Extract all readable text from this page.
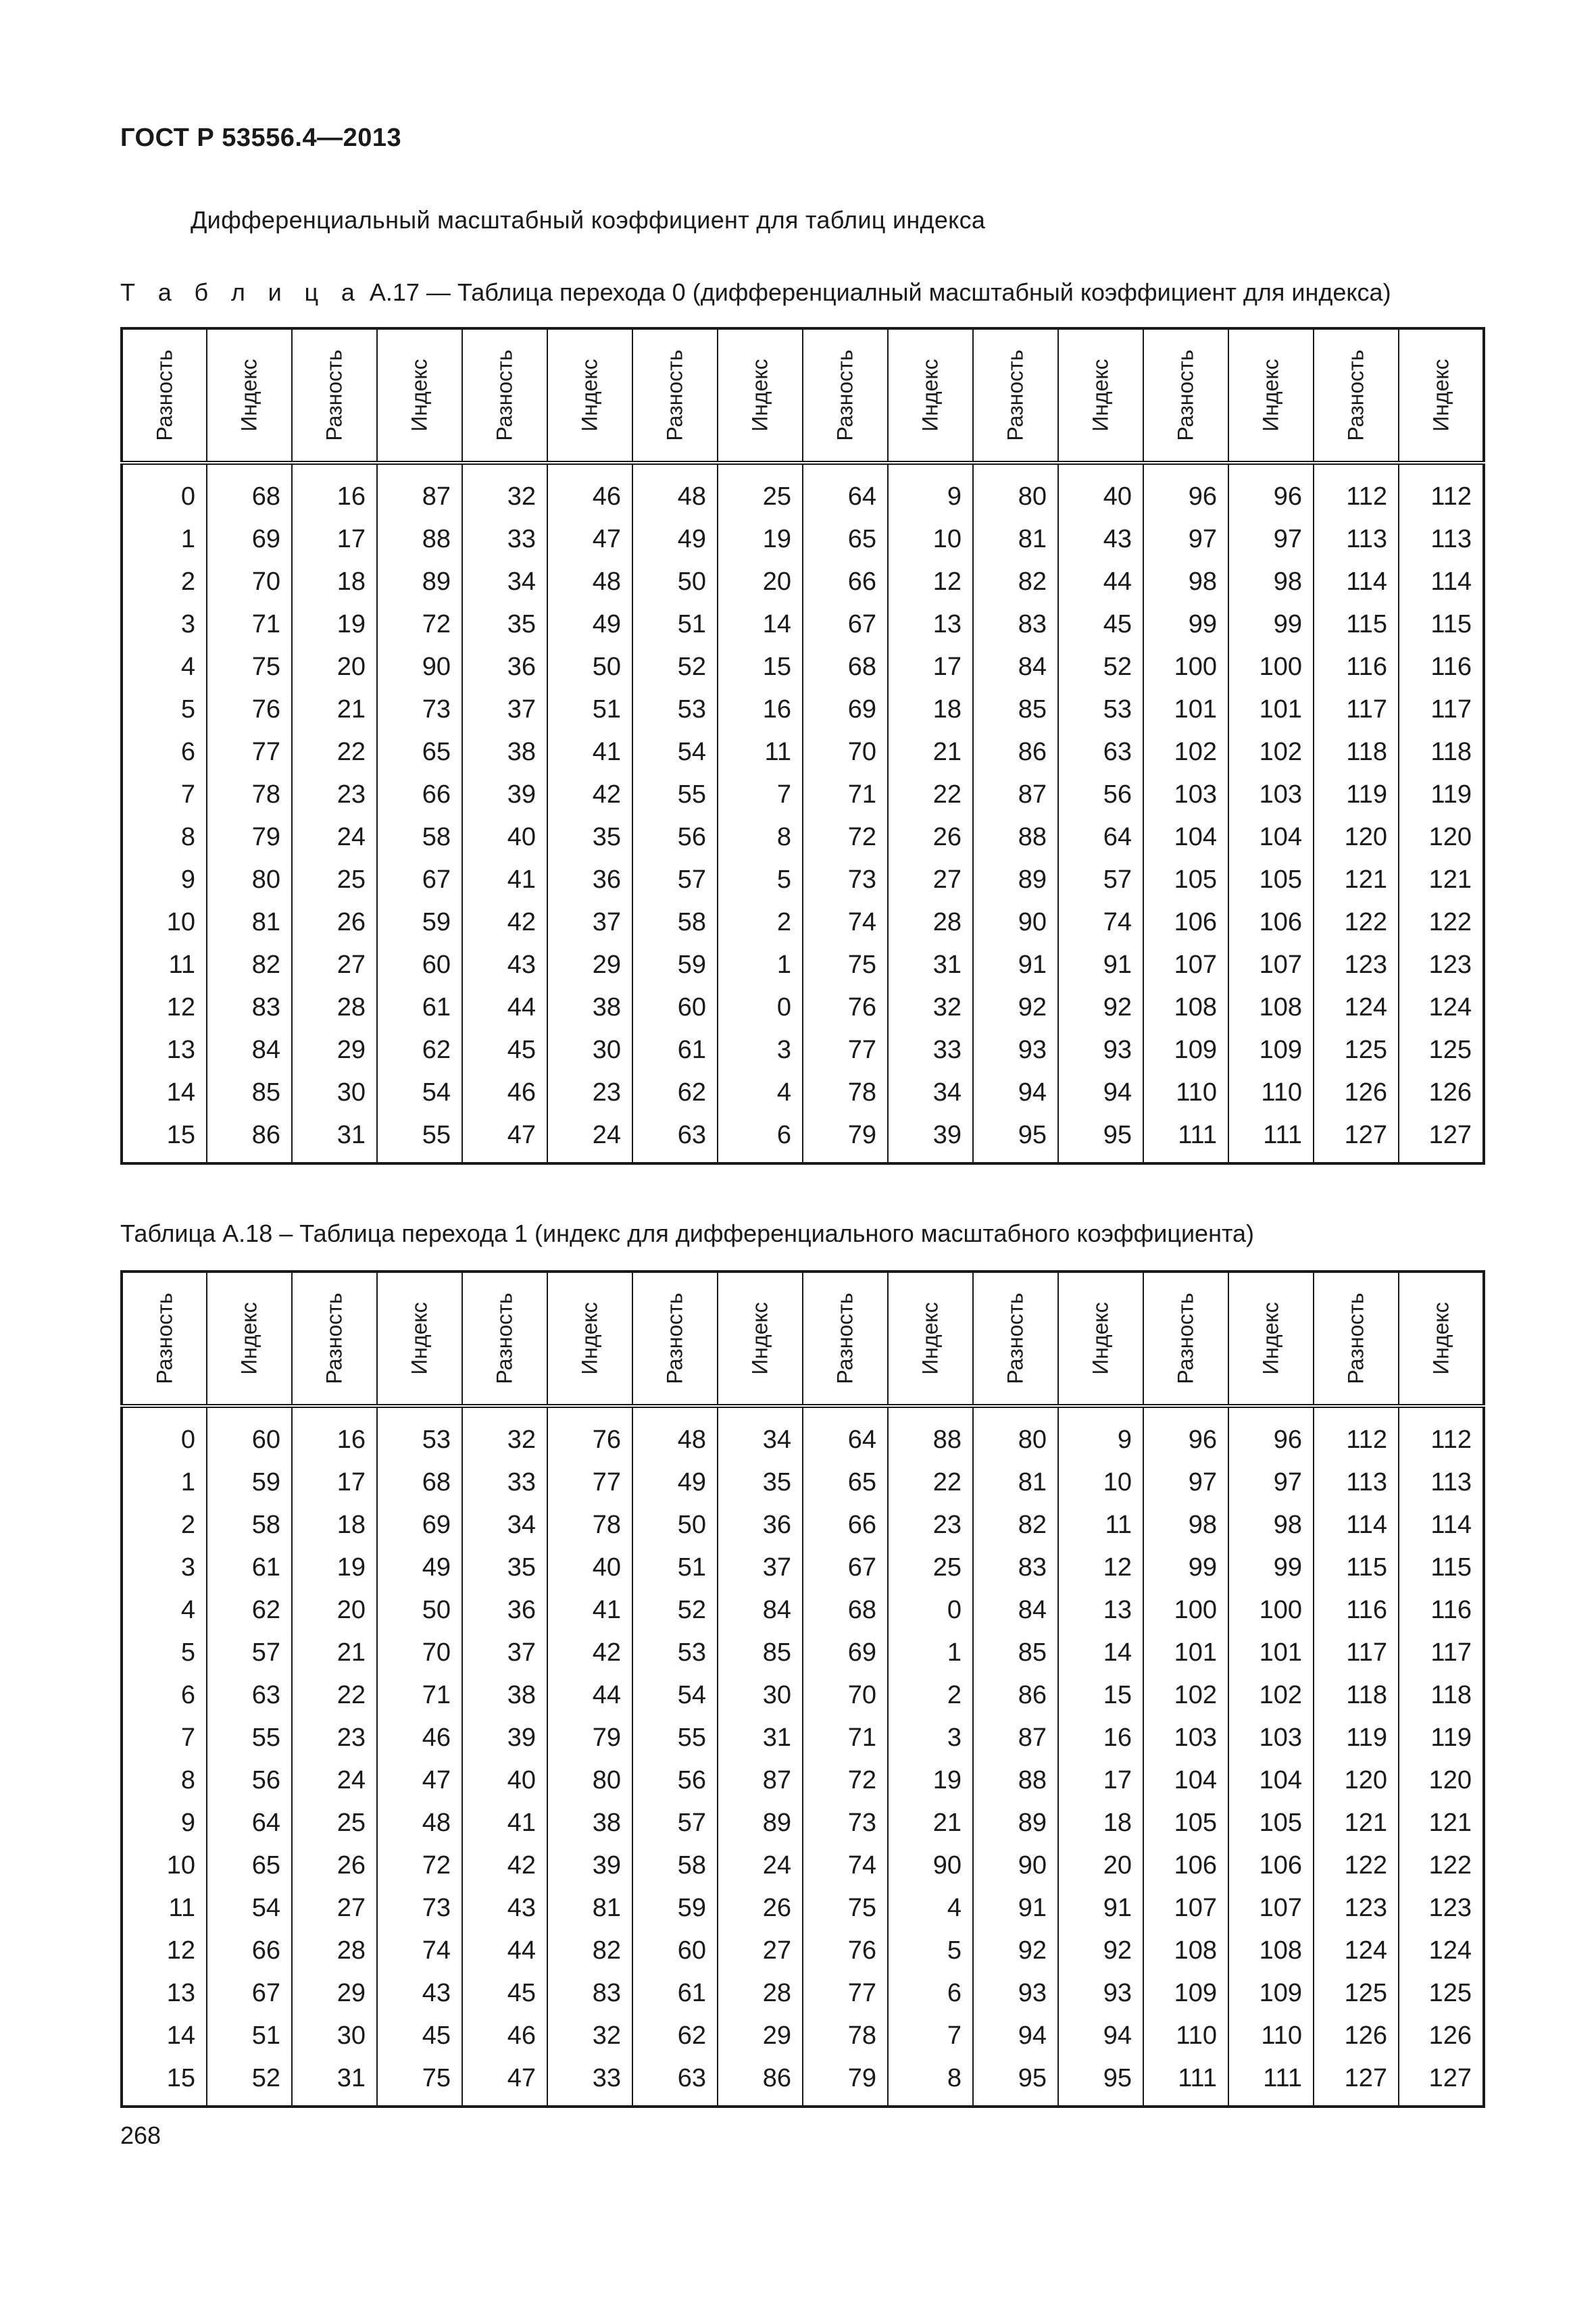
ГОСТ Р 53556.4—2013
Дифференциальный масштабный коэффициент для таблиц индекса
Т а б л и ц а А.17 — Таблица перехода 0 (дифференциалный масштабный коэффициент для индекса)
Разность	Индекс	Разность	Индекс	Разность	Индекс	Разность	Индекс	Разность	Индекс	Разность	Индекс	Разность	Индекс	Разность	Индекс

0	68	16	87	32	46	48	25	64	9	80	40	96	96	112	112
1	69	17	88	33	47	49	19	65	10	81	43	97	97	113	113
2	70	18	89	34	48	50	20	66	12	82	44	98	98	114	114
3	71	19	72	35	49	51	14	67	13	83	45	99	99	115	115
4	75	20	90	36	50	52	15	68	17	84	52	100	100	116	116
5	76	21	73	37	51	53	16	69	18	85	53	101	101	117	117
6	77	22	65	38	41	54	11	70	21	86	63	102	102	118	118
7	78	23	66	39	42	55	7	71	22	87	56	103	103	119	119
8	79	24	58	40	35	56	8	72	26	88	64	104	104	120	120
9	80	25	67	41	36	57	5	73	27	89	57	105	105	121	121
10	81	26	59	42	37	58	2	74	28	90	74	106	106	122	122
11	82	27	60	43	29	59	1	75	31	91	91	107	107	123	123
12	83	28	61	44	38	60	0	76	32	92	92	108	108	124	124
13	84	29	62	45	30	61	3	77	33	93	93	109	109	125	125
14	85	30	54	46	23	62	4	78	34	94	94	110	110	126	126
15	86	31	55	47	24	63	6	79	39	95	95	111	111	127	127
Таблица А.18 – Таблица перехода 1 (индекс для дифференциального масштабного коэффициента)
Разность	Индекс	Разность	Индекс	Разность	Индекс	Разность	Индекс	Разность	Индекс	Разность	Индекс	Разность	Индекс	Разность	Индекс

0	60	16	53	32	76	48	34	64	88	80	9	96	96	112	112
1	59	17	68	33	77	49	35	65	22	81	10	97	97	113	113
2	58	18	69	34	78	50	36	66	23	82	11	98	98	114	114
3	61	19	49	35	40	51	37	67	25	83	12	99	99	115	115
4	62	20	50	36	41	52	84	68	0	84	13	100	100	116	116
5	57	21	70	37	42	53	85	69	1	85	14	101	101	117	117
6	63	22	71	38	44	54	30	70	2	86	15	102	102	118	118
7	55	23	46	39	79	55	31	71	3	87	16	103	103	119	119
8	56	24	47	40	80	56	87	72	19	88	17	104	104	120	120
9	64	25	48	41	38	57	89	73	21	89	18	105	105	121	121
10	65	26	72	42	39	58	24	74	90	90	20	106	106	122	122
11	54	27	73	43	81	59	26	75	4	91	91	107	107	123	123
12	66	28	74	44	82	60	27	76	5	92	92	108	108	124	124
13	67	29	43	45	83	61	28	77	6	93	93	109	109	125	125
14	51	30	45	46	32	62	29	78	7	94	94	110	110	126	126
15	52	31	75	47	33	63	86	79	8	95	95	111	111	127	127
268
